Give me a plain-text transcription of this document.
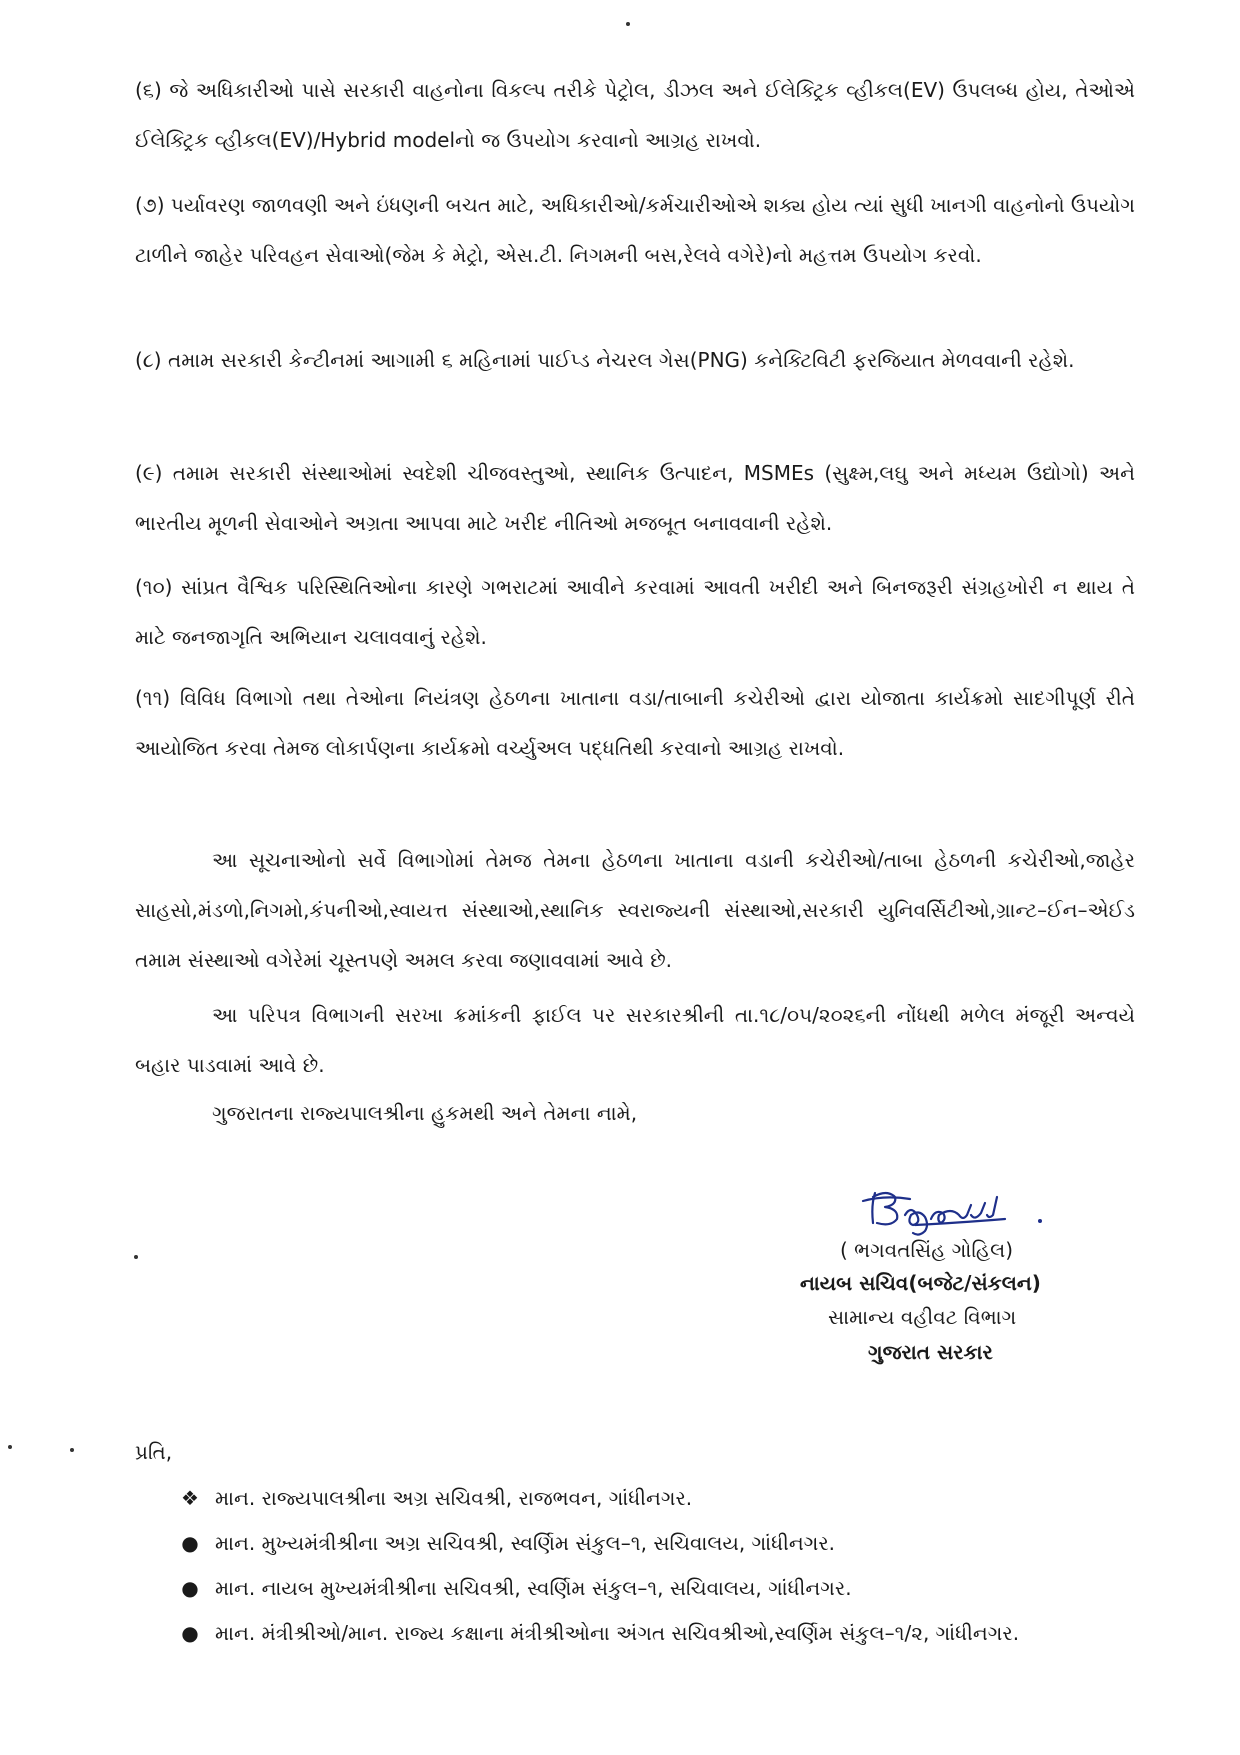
(૬) જે અધિકારીઓ પાસે સરકારી વાહનોના વિકલ્પ તરીકે પેટ્રોલ, ડીઝલ અને ઈલેક્ટ્રિક વ્હીકલ(EV) ઉપલબ્ધ હોય, તેઓએ ઈલેક્ટ્રિક વ્હીકલ(EV)/Hybrid modelનો જ ઉપયોગ કરવાનો આગ્રહ રાખવો.

(૭) પર્યાવરણ જાળવણી અને ઇંધણની બચત માટે, અધિકારીઓ/કર્મચારીઓએ શક્ય હોય ત્યાં સુધી ખાનગી વાહનોનો ઉપયોગ ટાળીને જાહેર પરિવહન સેવાઓ(જેમ કે મેટ્રો, એસ.ટી. નિગમની બસ,રેલવે વગેરે)નો મહત્તમ ઉપયોગ કરવો.

(૮) તમામ સરકારી કેન્ટીનમાં આગામી ૬ મહિનામાં પાઈપ્ડ નેચરલ ગેસ(PNG) કનેક્ટિવિટી ફરજિયાત મેળવવાની રહેશે.

(૯) તમામ સરકારી સંસ્થાઓમાં સ્વદેશી ચીજવસ્તુઓ, સ્થાનિક ઉત્પાદન, MSMEs (સુક્ષ્મ,લઘુ અને મધ્યમ ઉદ્યોગો) અને ભારતીય મૂળની સેવાઓને અગ્રતા આપવા માટે ખરીદ નીતિઓ મજબૂત બનાવવાની રહેશે.

(૧૦) સાંપ્રત વૈશ્વિક પરિસ્થિતિઓના કારણે ગભરાટમાં આવીને કરવામાં આવતી ખરીદી અને બિનજરૂરી સંગ્રહખોરી ન થાય તે માટે જનજાગૃતિ અભિયાન ચલાવવાનું રહેશે.

(૧૧) વિવિધ વિભાગો તથા તેઓના નિયંત્રણ હેઠળના ખાતાના વડા/તાબાની કચેરીઓ દ્વારા યોજાતા કાર્યક્રમો સાદગીપૂર્ણ રીતે આયોજિત કરવા તેમજ લોકાર્પણના કાર્યક્રમો વર્ચ્યુઅલ પદ્ધતિથી કરવાનો આગ્રહ રાખવો.

આ સૂચનાઓનો સર્વે વિભાગોમાં તેમજ તેમના હેઠળના ખાતાના વડાની કચેરીઓ/તાબા હેઠળની કચેરીઓ,જાહેર સાહસો,મંડળો,નિગમો,કંપનીઓ,સ્વાયત્ત સંસ્થાઓ,સ્થાનિક સ્વરાજ્યની સંસ્થાઓ,સરકારી યુનિવર્સિટીઓ,ગ્રાન્ટ–ઈન–એઈડ તમામ સંસ્થાઓ વગેરેમાં ચૂસ્તપણે અમલ કરવા જણાવવામાં આવે છે.

આ પરિપત્ર વિભાગની સરખા ક્રમાંકની ફાઈલ પર સરકારશ્રીની તા.૧૮/૦૫/૨૦૨૬ની નોંધથી મળેલ મંજૂરી અન્વયે બહાર પાડવામાં આવે છે.

ગુજરાતના રાજ્યપાલશ્રીના હુકમથી અને તેમના નામે,

( ભગવતસિંહ ગોહિલ)
નાયબ સચિવ(બજેટ/સંકલન)
સામાન્ય વહીવટ વિભાગ
ગુજરાત સરકાર
પ્રતિ,
❖ માન. રાજ્યપાલશ્રીના અગ્ર સચિવશ્રી, રાજભવન, ગાંધીનગર.
● માન. મુખ્યમંત્રીશ્રીના અગ્ર સચિવશ્રી, સ્વર્ણિમ સંકુલ–૧, સચિવાલય, ગાંધીનગર.
● માન. નાયબ મુખ્યમંત્રીશ્રીના સચિવશ્રી, સ્વર્ણિમ સંકુલ–૧, સચિવાલય, ગાંધીનગર.
● માન. મંત્રીશ્રીઓ/માન. રાજ્ય કક્ષાના મંત્રીશ્રીઓના અંગત સચિવશ્રીઓ,સ્વર્ણિમ સંકુલ–૧/૨, ગાંધીનગર.
